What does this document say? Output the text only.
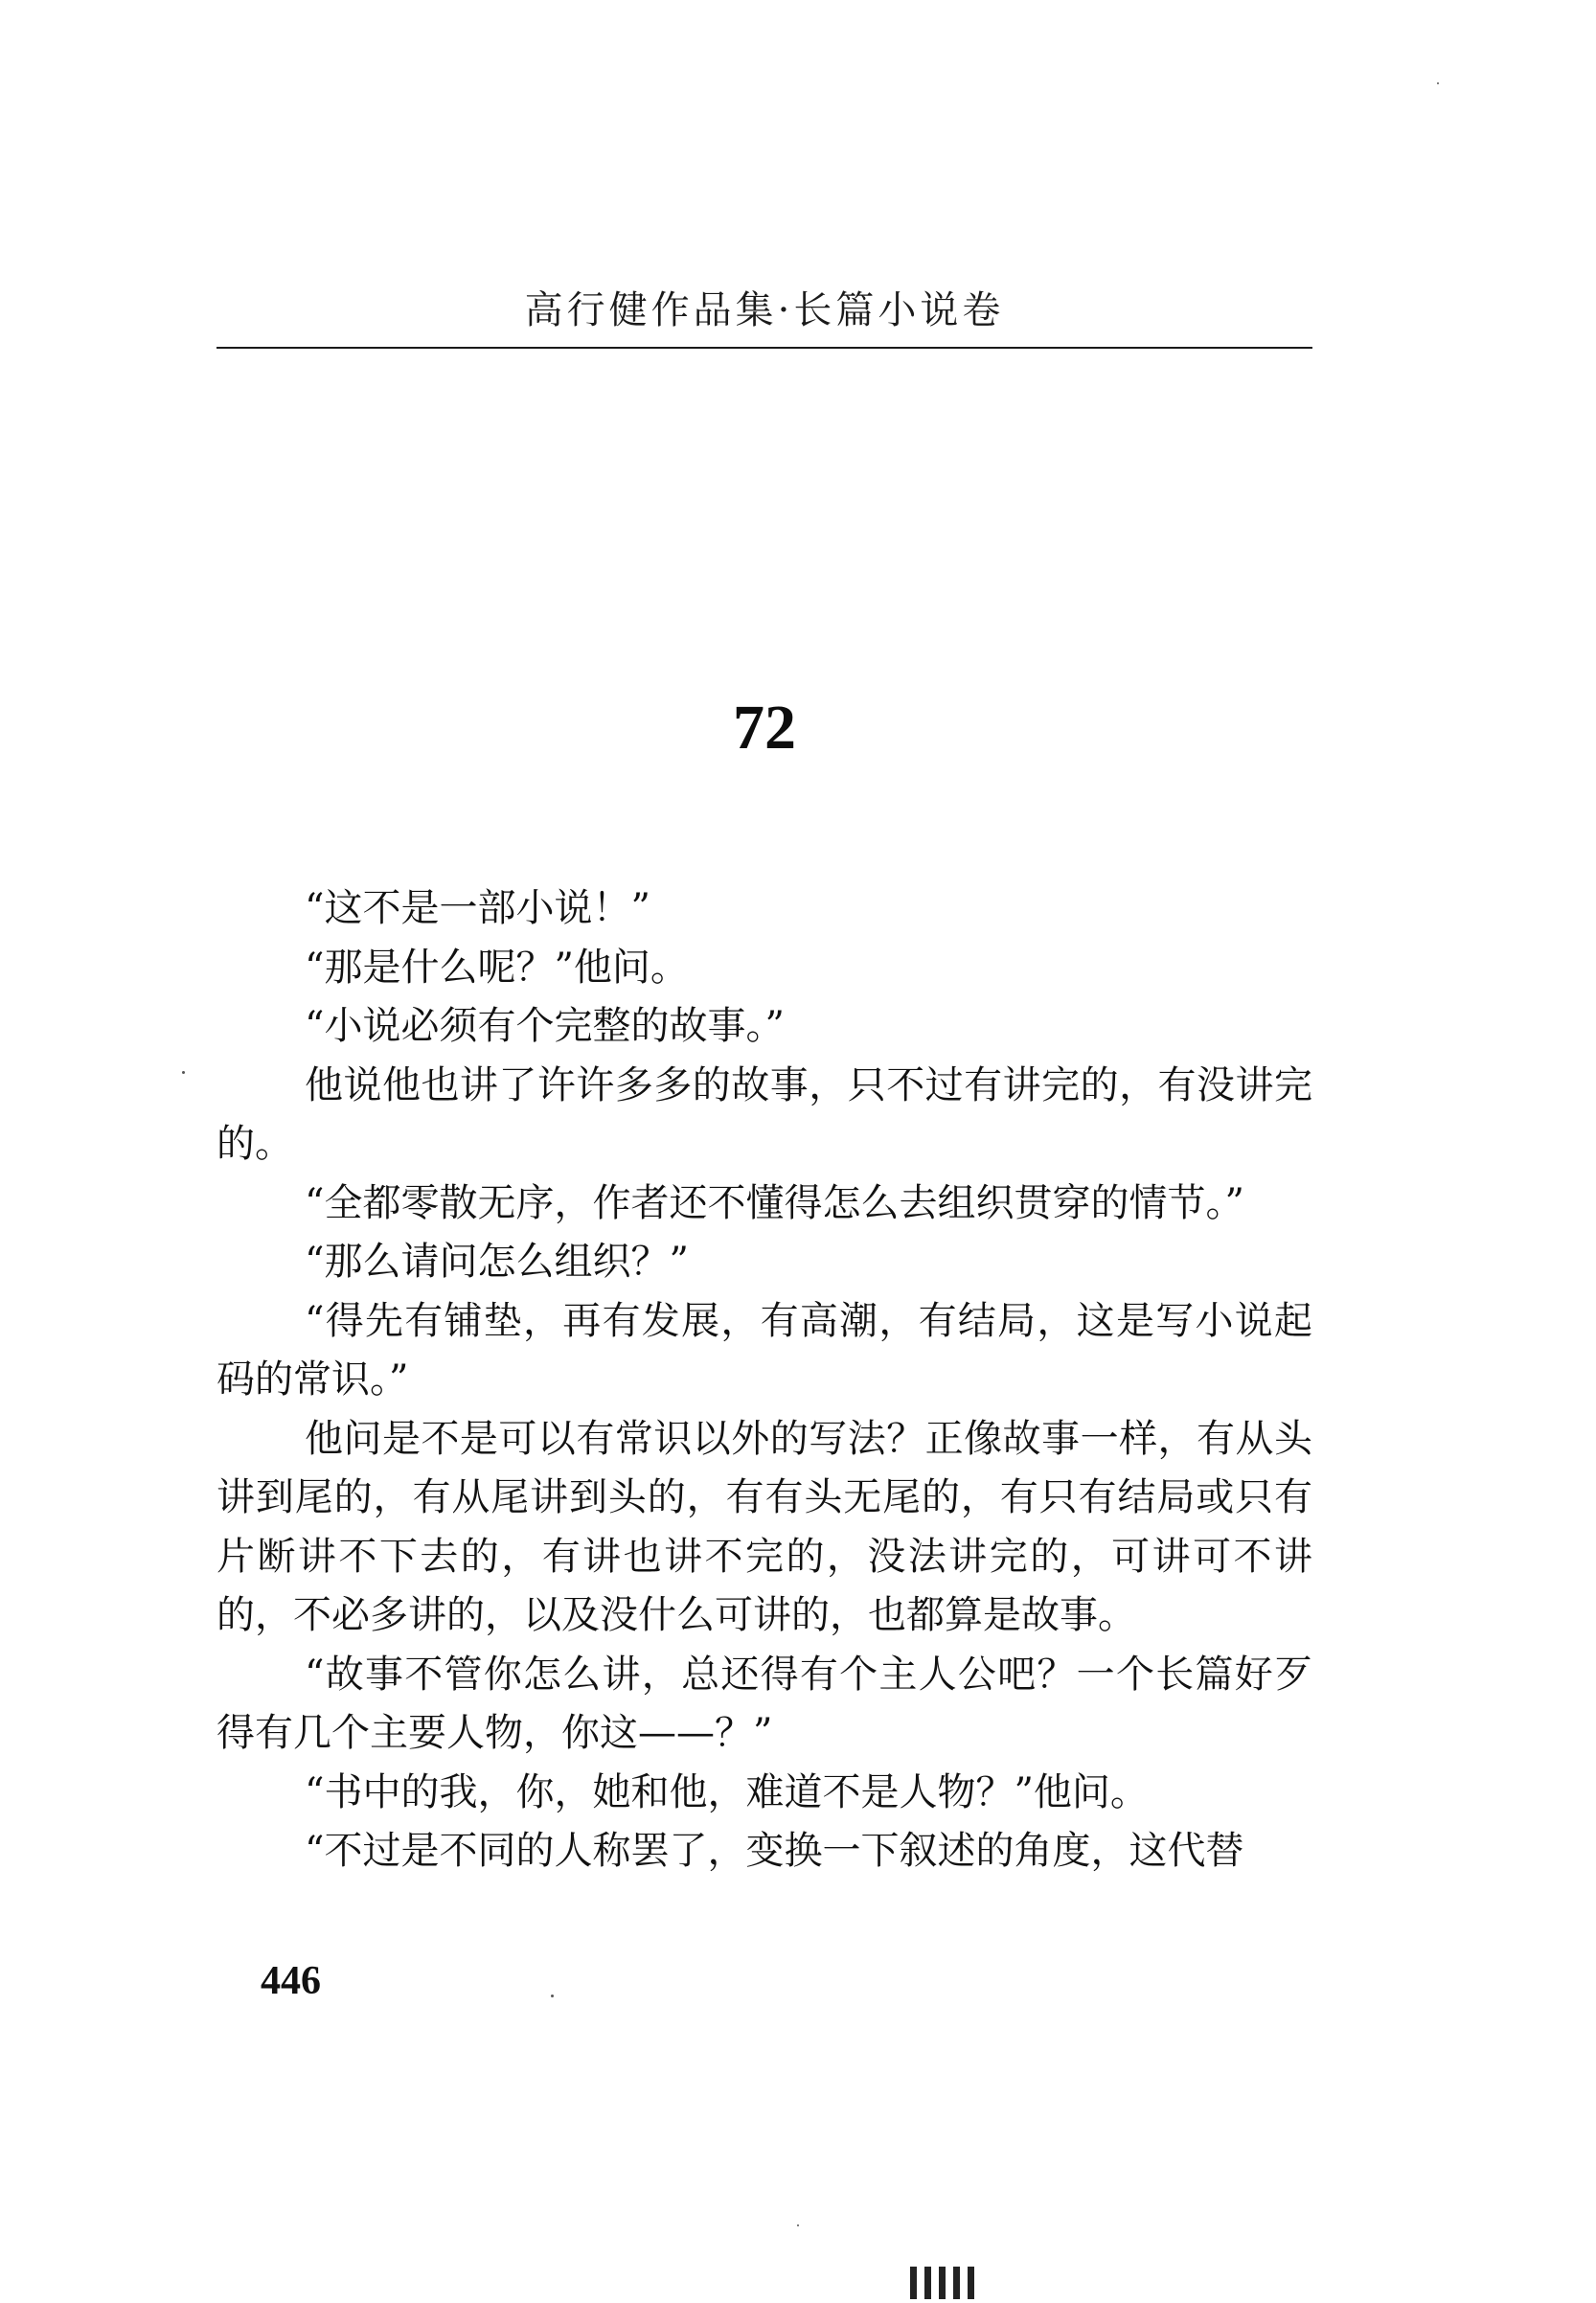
高行健作品集·长篇小说卷
72

“这不是一部小说！”

“那是什么呢？”他问。

“小说必须有个完整的故事。”

他说他也讲了许许多多的故事，只不过有讲完的，有没讲完的。

“全都零散无序，作者还不懂得怎么去组织贯穿的情节。”

“那么请问怎么组织？”

“得先有铺垫，再有发展，有高潮，有结局，这是写小说起码的常识。”

他问是不是可以有常识以外的写法？正像故事一样，有从头讲到尾的，有从尾讲到头的，有有头无尾的，有只有结局或只有片断讲不下去的，有讲也讲不完的，没法讲完的，可讲可不讲的，不必多讲的，以及没什么可讲的，也都算是故事。

“故事不管你怎么讲，总还得有个主人公吧？一个长篇好歹得有几个主要人物，你这——？”

“书中的我，你，她和他，难道不是人物？”他问。

“不过是不同的人称罢了，变换一下叙述的角度，这代替

446
